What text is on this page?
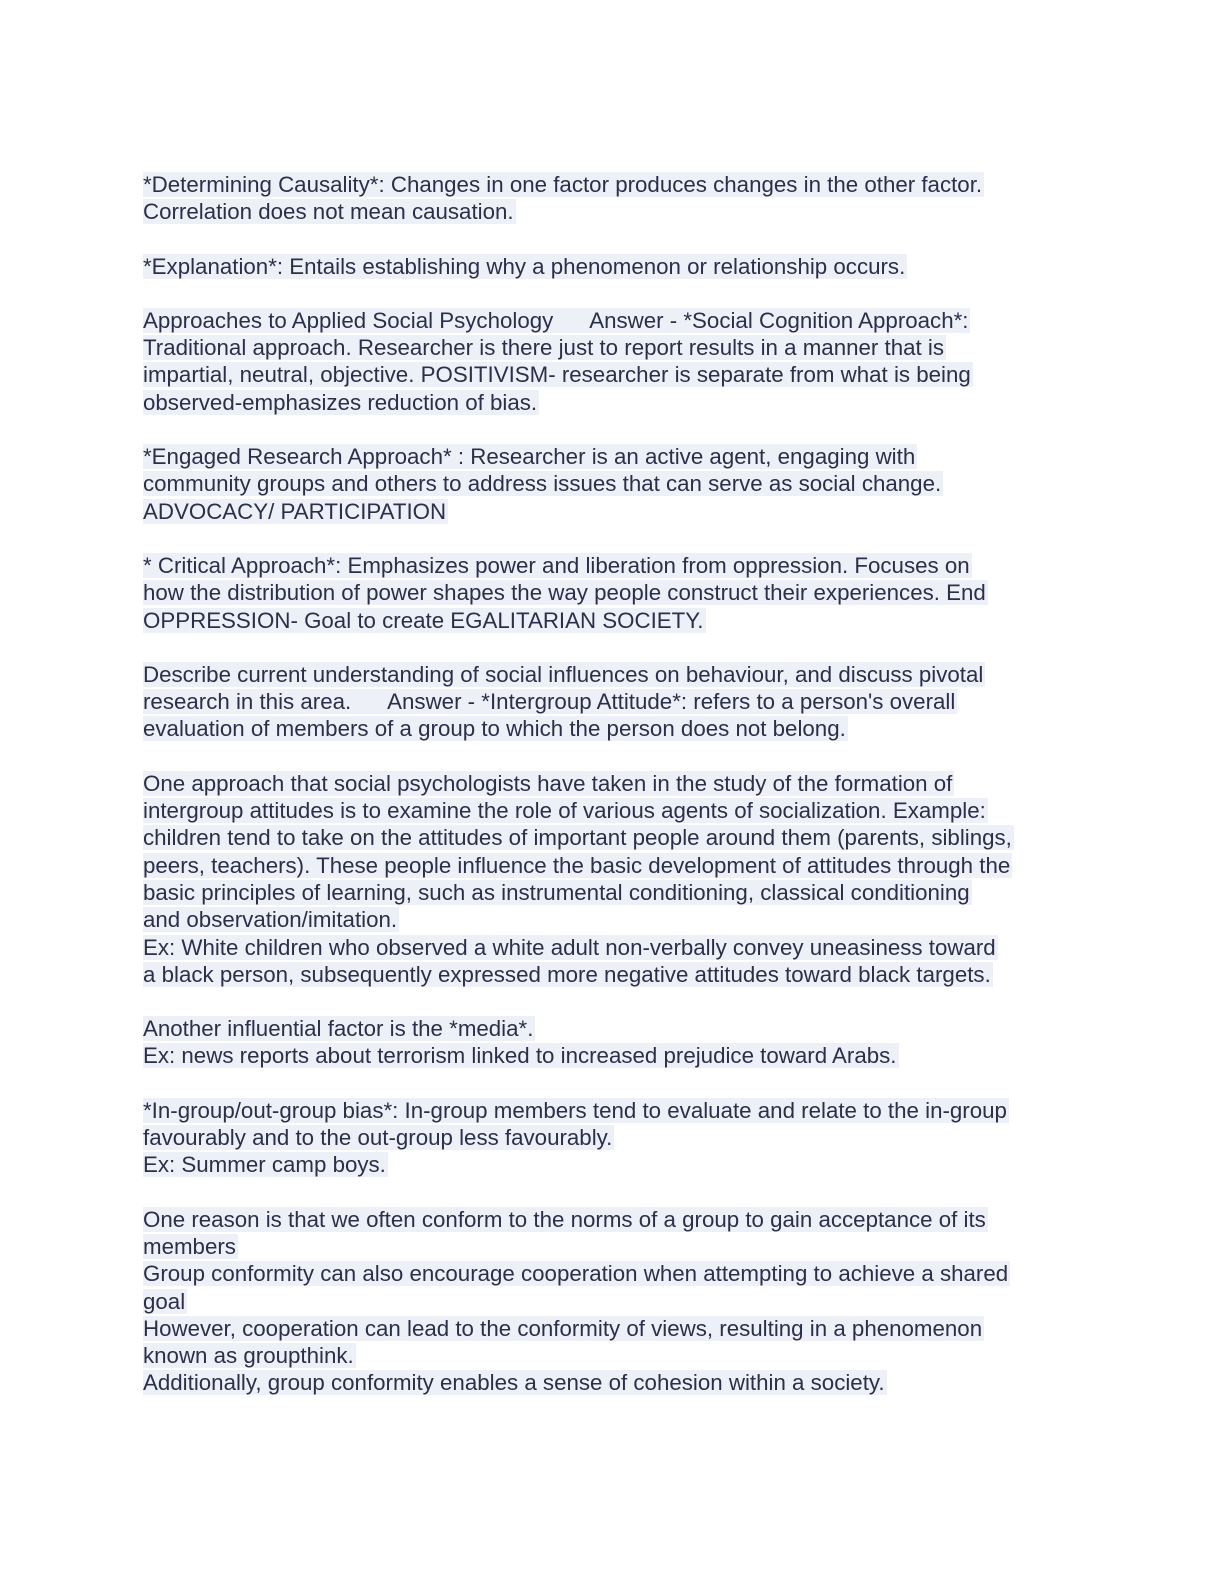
*Determining Causality*: Changes in one factor produces changes in the other factor.
Correlation does not mean causation.
*Explanation*: Entails establishing why a phenomenon or relationship occurs.
Approaches to Applied Social Psychology      Answer - *Social Cognition Approach*:
Traditional approach. Researcher is there just to report results in a manner that is
impartial, neutral, objective. POSITIVISM- researcher is separate from what is being
observed-emphasizes reduction of bias.
*Engaged Research Approach* : Researcher is an active agent, engaging with
community groups and others to address issues that can serve as social change.
ADVOCACY/ PARTICIPATION
* Critical Approach*: Emphasizes power and liberation from oppression. Focuses on
how the distribution of power shapes the way people construct their experiences. End
OPPRESSION- Goal to create EGALITARIAN SOCIETY.
Describe current understanding of social influences on behaviour, and discuss pivotal
research in this area.      Answer - *Intergroup Attitude*: refers to a person's overall
evaluation of members of a group to which the person does not belong.
One approach that social psychologists have taken in the study of the formation of
intergroup attitudes is to examine the role of various agents of socialization. Example:
children tend to take on the attitudes of important people around them (parents, siblings,
peers, teachers). These people influence the basic development of attitudes through the
basic principles of learning, such as instrumental conditioning, classical conditioning
and observation/imitation.
Ex: White children who observed a white adult non-verbally convey uneasiness toward
a black person, subsequently expressed more negative attitudes toward black targets.
Another influential factor is the *media*.
Ex: news reports about terrorism linked to increased prejudice toward Arabs.
*In-group/out-group bias*: In-group members tend to evaluate and relate to the in-group
favourably and to the out-group less favourably.
Ex: Summer camp boys.
One reason is that we often conform to the norms of a group to gain acceptance of its
members
Group conformity can also encourage cooperation when attempting to achieve a shared
goal
However, cooperation can lead to the conformity of views, resulting in a phenomenon
known as groupthink.
Additionally, group conformity enables a sense of cohesion within a society.
